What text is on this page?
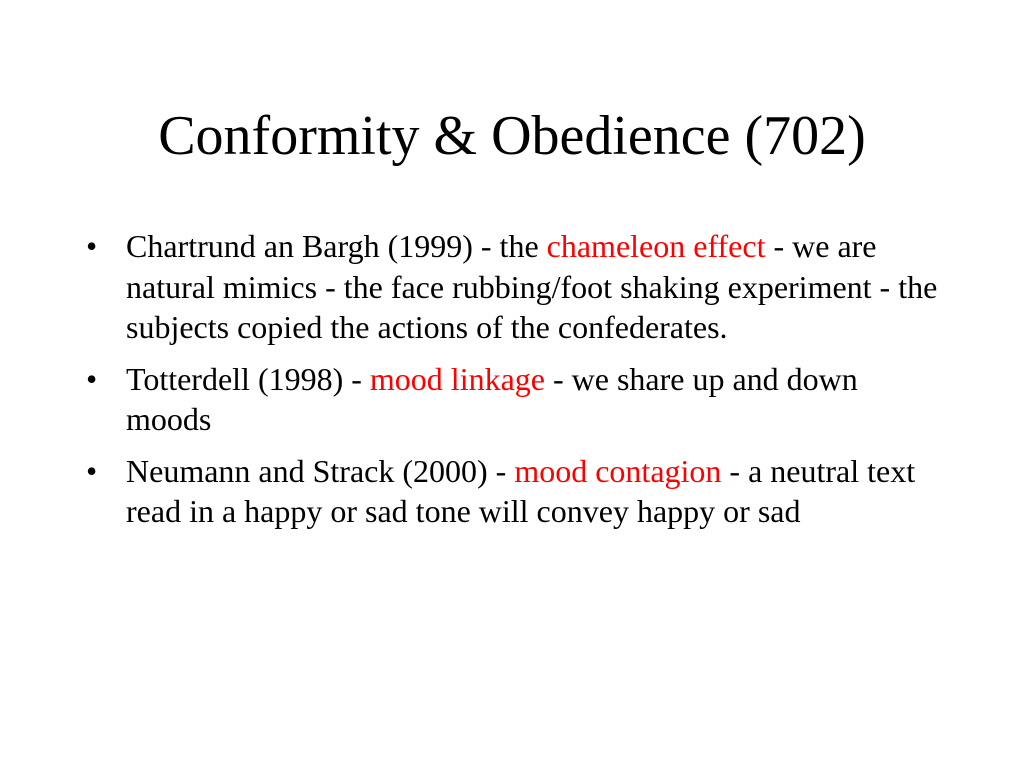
Conformity & Obedience (702)
• Chartrund an Bargh (1999) - the chameleon effect - we are natural mimics - the face rubbing/foot shaking experiment - the subjects copied the actions of the confederates.
• Totterdell (1998) - mood linkage - we share up and down moods
• Neumann and Strack (2000) - mood contagion - a neutral text read in a happy or sad tone will convey happy or sad
